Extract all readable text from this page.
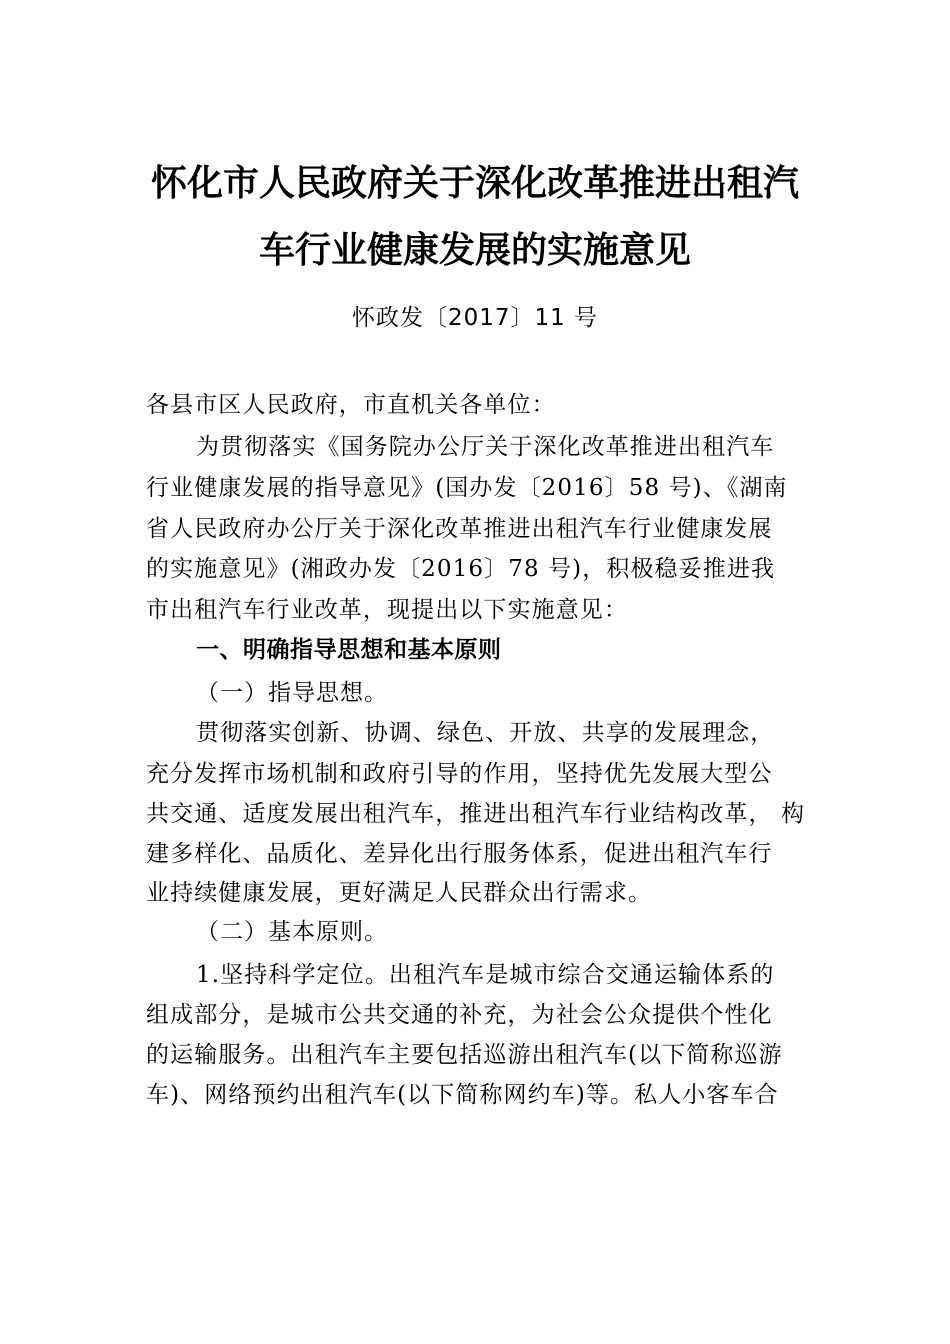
怀化市人民政府关于深化改革推进出租汽
车行业健康发展的实施意见
怀政发〔2017〕11 号
各县市区人民政府，市直机关各单位：
为贯彻落实《国务院办公厅关于深化改革推进出租汽车
行业健康发展的指导意见》(国办发〔2016〕58 号)、《湖南
省人民政府办公厅关于深化改革推进出租汽车行业健康发展
的实施意见》(湘政办发〔2016〕78 号)，积极稳妥推进我
市出租汽车行业改革，现提出以下实施意见：
一、明确指导思想和基本原则
（一）指导思想。
贯彻落实创新、协调、绿色、开放、共享的发展理念，
充分发挥市场机制和政府引导的作用，坚持优先发展大型公
共交通、适度发展出租汽车，推进出租汽车行业结构改革， 构
建多样化、品质化、差异化出行服务体系，促进出租汽车行
业持续健康发展，更好满足人民群众出行需求。
（二）基本原则。
1.坚持科学定位。出租汽车是城市综合交通运输体系的
组成部分，是城市公共交通的补充，为社会公众提供个性化
的运输服务。出租汽车主要包括巡游出租汽车(以下简称巡游
车)、网络预约出租汽车(以下简称网约车)等。私人小客车合
